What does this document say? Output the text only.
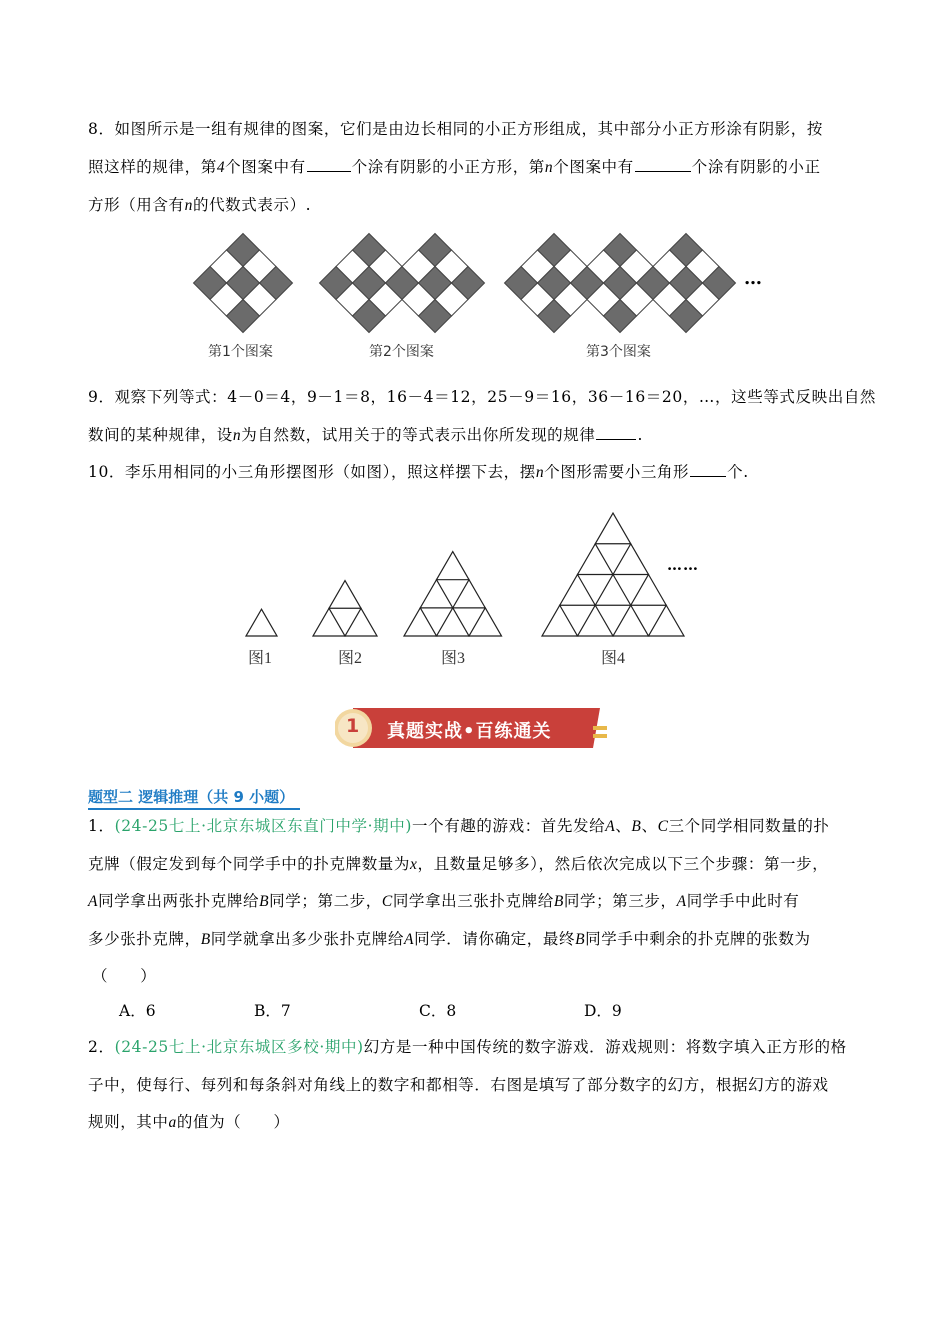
8．如图所示是一组有规律的图案，它们是由边长相同的小正方形组成，其中部分小正方形涂有阴影，按
照这样的规律，第4个图案中有	个涂有阴影的小正方形，第n个图案中有	个涂有阴影的小正
方形（用含有n的代数式表示）.
第1个图案	第2个图案	第3个图案
…
9．观察下列等式：4－0＝4，9－1＝8，16－4＝12，25－9＝16，36－16＝20，…，这些等式反映出自然
数间的某种规律，设n为自然数，试用关于的等式表示出你所发现的规律	.
10．李乐用相同的小三角形摆图形（如图），照这样摆下去，摆n个图形需要小三角形 个.
图1	图2	图3	图4
……
1 真题实战•百练通关
题型二 逻辑推理（共 9 小题）
1．(24-25七上·北京东城区东直门中学·期中)一个有趣的游戏：首先发给A、B、C三个同学相同数量的扑
克牌（假定发到每个同学手中的扑克牌数量为x，且数量足够多），然后依次完成以下三个步骤：第一步，
A同学拿出两张扑克牌给B同学；第二步，C同学拿出三张扑克牌给B同学；第三步，A同学手中此时有
多少张扑克牌，B同学就拿出多少张扑克牌给A同学．请你确定，最终B同学手中剩余的扑克牌的张数为
（　　）
A．6	B．7	C．8	D．9
2．(24-25七上·北京东城区多校·期中)幻方是一种中国传统的数字游戏．游戏规则：将数字填入正方形的格
子中，使每行、每列和每条斜对角线上的数字和都相等．右图是填写了部分数字的幻方，根据幻方的游戏
规则，其中a的值为（　　）
